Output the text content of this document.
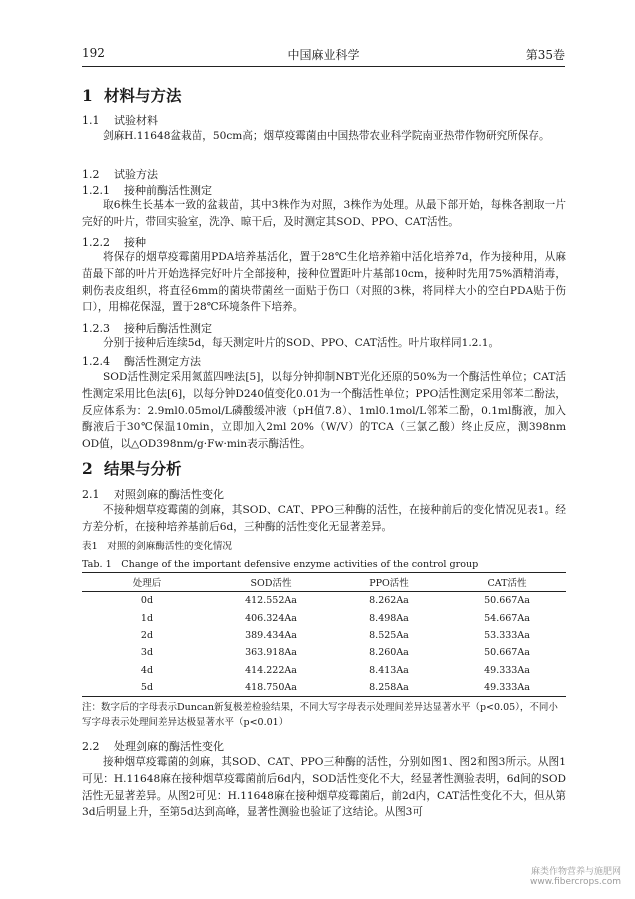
192	中国麻业科学	第35卷
1 材料与方法
1.1 试验材料

剑麻H.11648盆栽苗，50cm高；烟草疫霉菌由中国热带农业科学院南亚热带作物研究所保存。

1.2 试验方法
1.2.1 接种前酶活性测定

取6株生长基本一致的盆栽苗，其中3株作为对照，3株作为处理。从最下部开始，每株各割取一片完好的叶片，带回实验室，洗净、晾干后，及时测定其SOD、PPO、CAT活性。

1.2.2 接种

将保存的烟草疫霉菌用PDA培养基活化，置于28℃生化培养箱中活化培养7d，作为接种用，从麻苗最下部的叶片开始选择完好叶片全部接种，接种位置距叶片基部10cm，接种时先用75%酒精消毒，刺伤表皮组织，将直径6mm的菌块带菌丝一面贴于伤口（对照的3株，将同样大小的空白PDA贴于伤口），用棉花保湿，置于28℃环境条件下培养。

1.2.3 接种后酶活性测定

分别于接种后连续5d，每天测定叶片的SOD、PPO、CAT活性。叶片取样同1.2.1。

1.2.4 酶活性测定方法

SOD活性测定采用氮蓝四唑法[5]，以每分钟抑制NBT光化还原的50%为一个酶活性单位；CAT活性测定采用比色法[6]，以每分钟D240值变化0.01为一个酶活性单位；PPO活性测定采用邻苯二酚法，反应体系为：2.9ml0.05mol/L磷酸缓冲液（pH值7.8）、1ml0.1mol/L邻苯二酚，0.1ml酶液，加入酶液后于30℃保温10min，立即加入2ml 20%（W/V）的TCA（三氯乙酸）终止反应，测398nm OD值，以△OD398nm/g·Fw·min表示酶活性。

2 结果与分析
2.1 对照剑麻的酶活性变化

不接种烟草疫霉菌的剑麻，其SOD、CAT、PPO三种酶的活性，在接种前后的变化情况见表1。经方差分析，在接种培养基前后6d，三种酶的活性变化无显著差异。

表1　对照的剑麻酶活性的变化情况
Tab. 1　Change of the important defensive enzyme activities of the control group
处理后	SOD活性	PPO活性	CAT活性
0d	412.552Aa	8.262Aa	50.667Aa
1d	406.324Aa	8.498Aa	54.667Aa
2d	389.434Aa	8.525Aa	53.333Aa
3d	363.918Aa	8.260Aa	50.667Aa
4d	414.222Aa	8.413Aa	49.333Aa
5d	418.750Aa	8.258Aa	49.333Aa

注：数字后的字母表示Duncan新复极差检验结果，不同大写字母表示处理间差异达显著水平（p<0.05），不同小写字母表示处理间差异达极显著水平（p<0.01）

2.2 处理剑麻的酶活性变化

接种烟草疫霉菌的剑麻，其SOD、CAT、PPO三种酶的活性，分别如图1、图2和图3所示。从图1可见：H.11648麻在接种烟草疫霉菌前后6d内，SOD活性变化不大，经显著性测验表明，6d间的SOD活性无显著差异。从图2可见：H.11648麻在接种烟草疫霉菌后，前2d内，CAT活性变化不大，但从第3d后明显上升，至第5d达到高峰，显著性测验也验证了这结论。从图3可

麻类作物营养与施肥网
www.fibercrops.com
